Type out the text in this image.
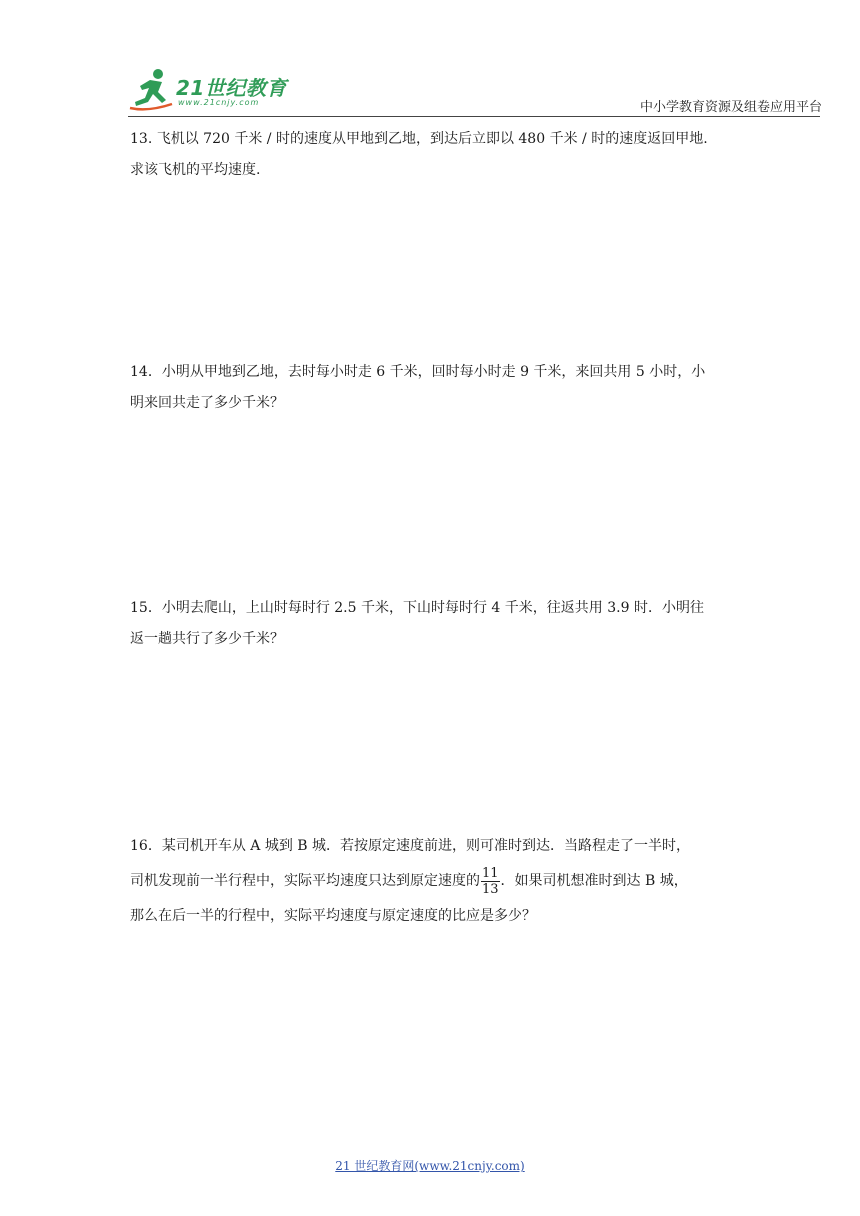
21世纪教育
www.21cnjy.com	中小学教育资源及组卷应用平台
13. 飞机以 720 千米 / 时的速度从甲地到乙地，到达后立即以 480 千米 / 时的速度返回甲地.
求该飞机的平均速度.
14．小明从甲地到乙地，去时每小时走 6 千米，回时每小时走 9 千米，来回共用 5 小时，小
明来回共走了多少千米？
15．小明去爬山，上山时每时行 2.5 千米，下山时每时行 4 千米，往返共用 3.9 时．小明往
返一趟共行了多少千米？
16．某司机开车从 A 城到 B 城．若按原定速度前进，则可准时到达．当路程走了一半时，
司机发现前一半行程中，实际平均速度只达到原定速度的 $\frac{11}{13}$ ．如果司机想准时到达 B 城，
那么在后一半的行程中，实际平均速度与原定速度的比应是多少？
21 世纪教育网(www.21cnjy.com)
